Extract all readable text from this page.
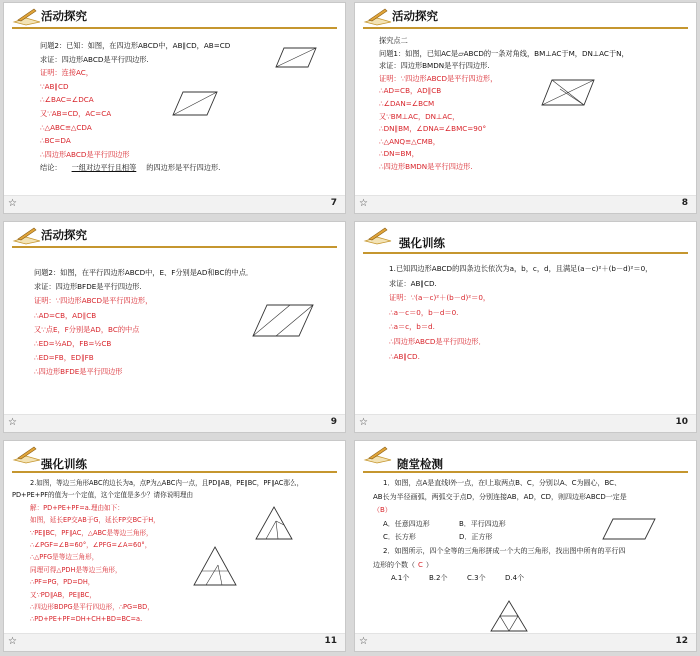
活动探究
问题2：已知：如图，在四边形ABCD中，AB∥CD，AB=CD
求证：四边形ABCD是平行四边形.
证明：连接AC，
∵AB∥CD
∴∠BAC=∠DCA
又∵AB=CD，AC=CA
∴△ABC≌△CDA
∴BC=DA
∴四边形ABCD是平行四边形
结论： 一组对边平行且相等 的四边形是平行四边形.
☆	7
活动探究
探究点二
问题1：如图，已知AC是▱ABCD的一条对角线，BM⊥AC于M，DN⊥AC于N，
求证：四边形BMDN是平行四边形.
证明：∵四边形ABCD是平行四边形，
∴AD=CB，AD∥CB
∴∠DAN=∠BCM
又∵BM⊥AC，DN⊥AC，
∴DN∥BM，∠DNA=∠BMC=90°
∴△ANQ≌△CMB，
∴DN=BM，
∴四边形BMDN是平行四边形.
☆	8
活动探究
问题2：如图，在平行四边形ABCD中，E、F分别是AD和BC的中点．
求证：四边形BFDE是平行四边形.
证明：∵四边形ABCD是平行四边形，
∴AD=CB，AD∥CB
又∵点E，F分别是AD，BC的中点
∴ED=½AD，FB=½CB
∴ED=FB，ED∥FB
∴四边形BFDE是平行四边形
☆	9
强化训练
1.已知四边形ABCD的四条边长依次为a，b，c，d，且满足(a－c)²＋(b－d)²＝0，
求证：AB∥CD.
证明：∵(a－c)²＋(b－d)²＝0，
∴a－c＝0，b－d＝0.
∴a＝c，b＝d.
∴四边形ABCD是平行四边形．
∴AB∥CD.
☆	10
强化训练
2.如图，等边三角形ABC的边长为a，点P为△ABC内一点，且PD∥AB，PE∥BC，PF∥AC那么，
PD+PE+PF的值为一个定值，这个定值是多少？请你说明理由
解：PD+PE+PF=a.理由如下：
如图，延长EP交AB于G，延长FP交BC于H，
∵PE∥BC，PF∥AC，△ABC是等边三角形，
∴∠PGF=∠B=60°，∠PFG=∠A=60°，
∴△PFG是等边三角形，
同理可得△PDH是等边三角形，
∴PF=PG，PD=DH，
又∵PD∥AB，PE∥BC，
∴四边形BDPG是平行四边形，∴PG=BD，
∴PD+PE+PF=DH+CH+BD=BC=a.
☆	11
随堂检测
1．如图，点A是直线l外一点，在l上取两点B、C，分别以A、C为圆心，BC、
AB长为半径画弧，两弧交于点D，分别连接AB，AD，CD，则四边形ABCD一定是
（B）
A．任意四边形	B．平行四边形
C．长方形	D．正方形
2．如图所示，四个全等的三角形拼成一个大的三角形，找出图中所有的平行四
边形的个数（ C ）
A.1个	B.2个	C.3个	D.4个
☆	12
